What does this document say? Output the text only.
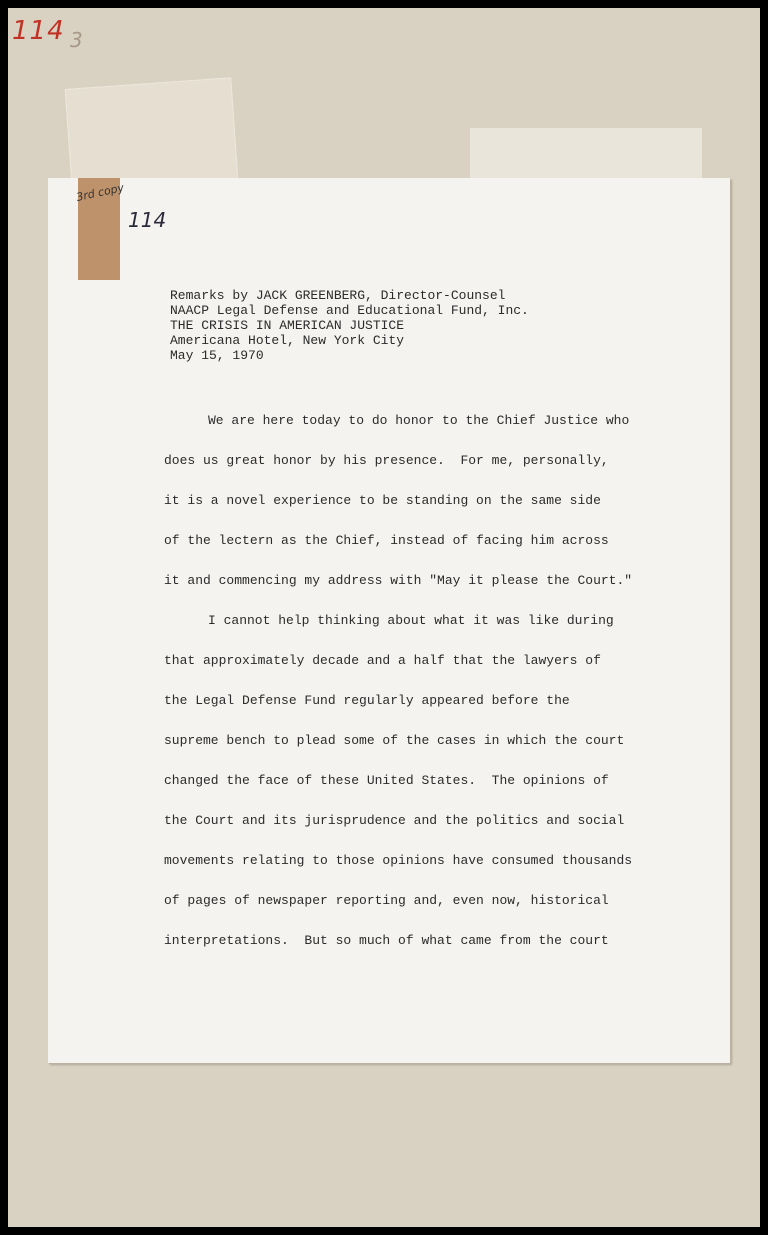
114 3
3rd copy
114
Remarks by JACK GREENBERG, Director-Counsel
NAACP Legal Defense and Educational Fund, Inc.
THE CRISIS IN AMERICAN JUSTICE
Americana Hotel, New York City
May 15, 1970
We are here today to do honor to the Chief Justice who
does us great honor by his presence.  For me, personally,
it is a novel experience to be standing on the same side
of the lectern as the Chief, instead of facing him across
it and commencing my address with "May it please the Court."
I cannot help thinking about what it was like during
that approximately decade and a half that the lawyers of
the Legal Defense Fund regularly appeared before the
supreme bench to plead some of the cases in which the court
changed the face of these United States.  The opinions of
the Court and its jurisprudence and the politics and social
movements relating to those opinions have consumed thousands
of pages of newspaper reporting and, even now, historical
interpretations.  But so much of what came from the court
